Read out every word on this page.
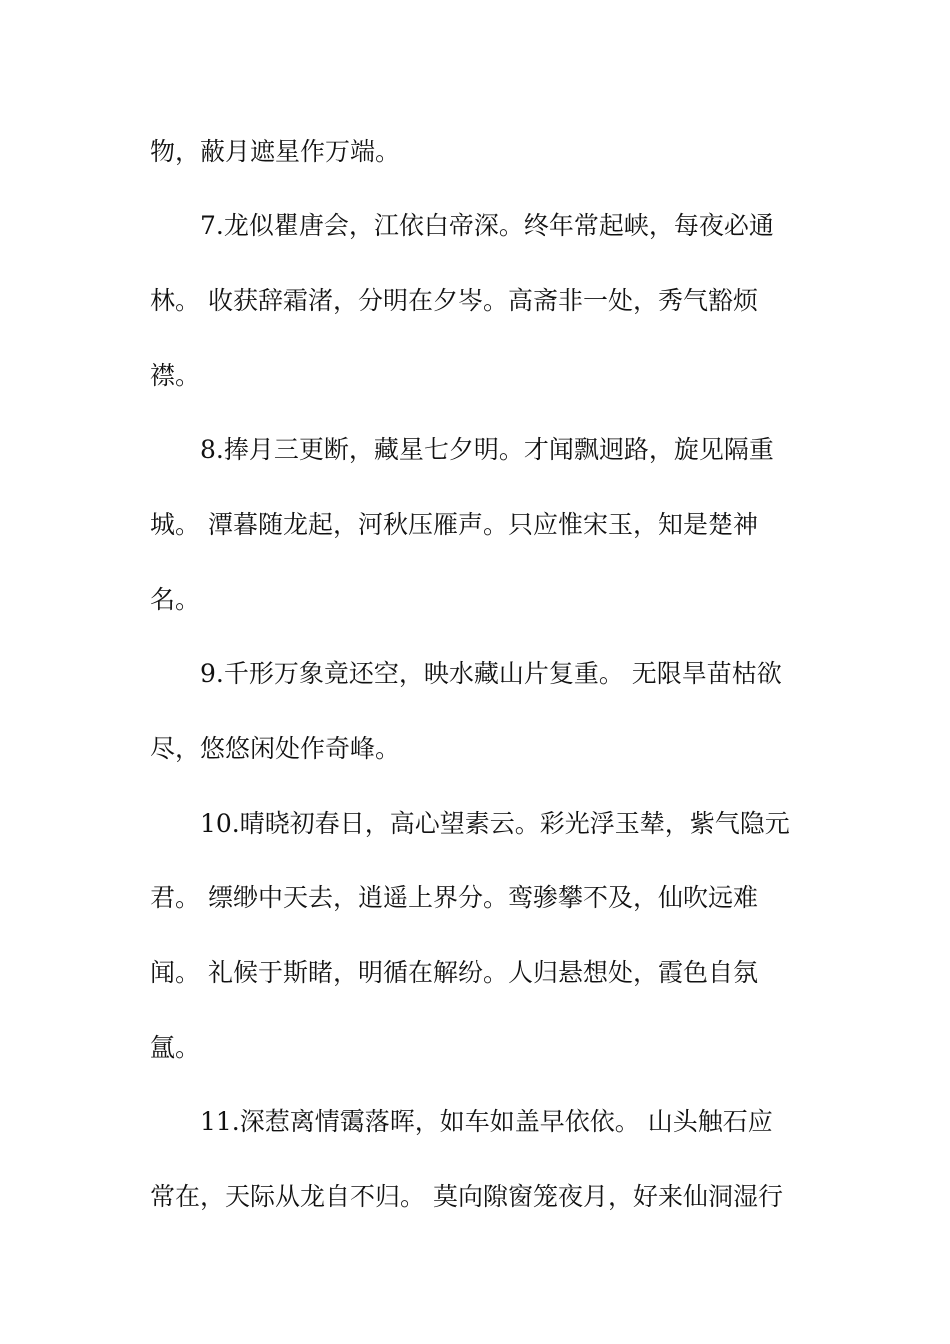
物，蔽月遮星作万端。
7.龙似瞿唐会，江依白帝深。终年常起峡，每夜必通
林。 收获辞霜渚，分明在夕岑。高斋非一处，秀气豁烦
襟。
8.捧月三更断，藏星七夕明。才闻飘迥路，旋见隔重
城。 潭暮随龙起，河秋压雁声。只应惟宋玉，知是楚神
名。
9.千形万象竟还空，映水藏山片复重。 无限旱苗枯欲
尽，悠悠闲处作奇峰。
10.晴晓初春日，高心望素云。彩光浮玉辇，紫气隐元
君。 缥缈中天去，逍遥上界分。鸾骖攀不及，仙吹远难
闻。 礼候于斯睹，明循在解纷。人归悬想处，霞色自氛
氲。
11.深惹离情霭落晖，如车如盖早依依。 山头触石应
常在，天际从龙自不归。 莫向隙窗笼夜月，好来仙洞湿行
